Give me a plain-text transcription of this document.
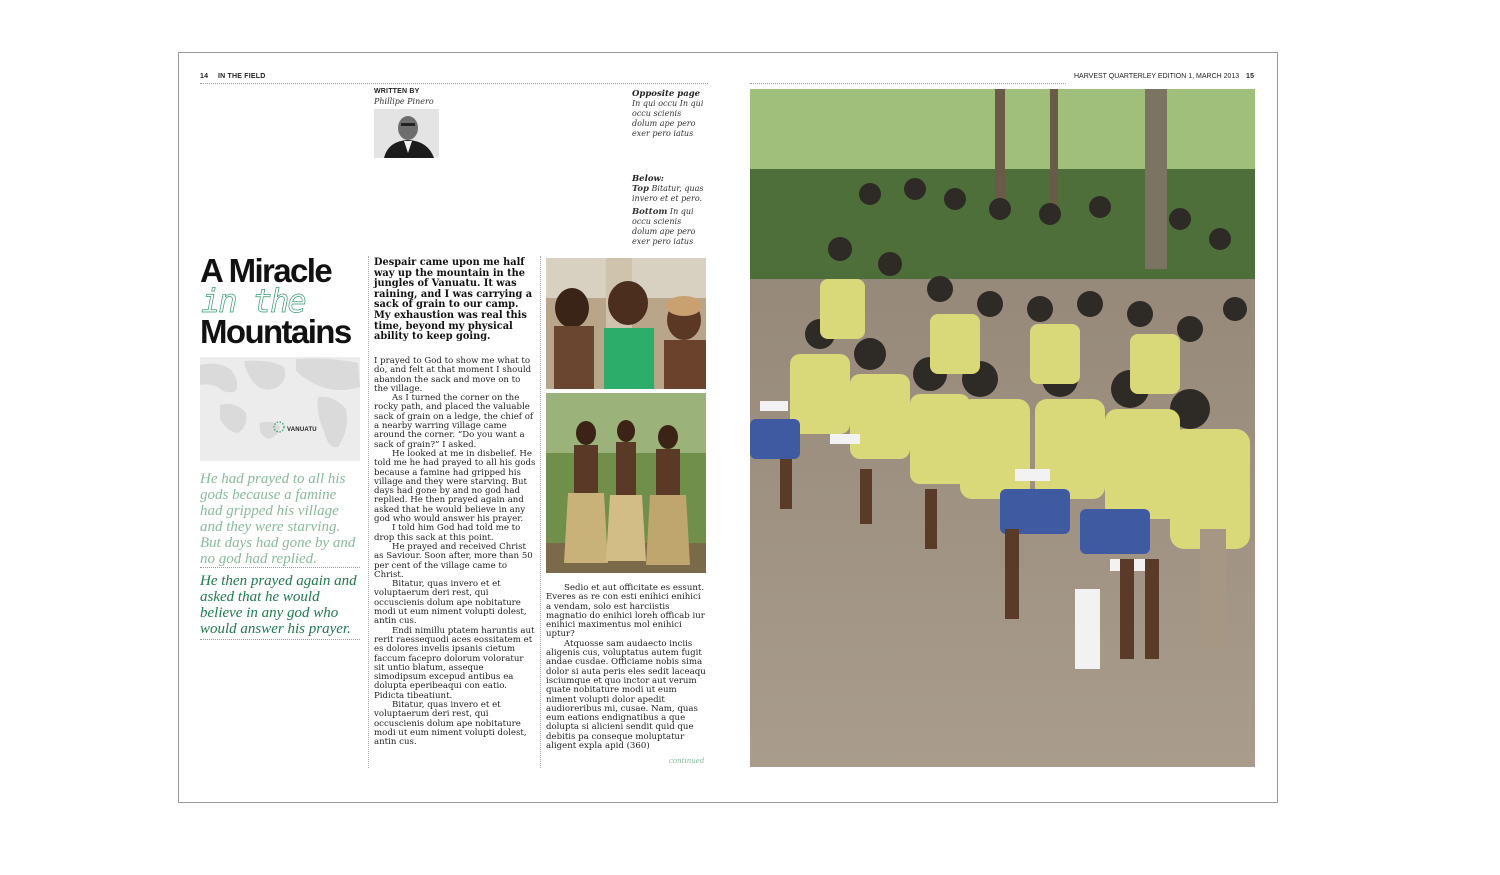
14 IN THE FIELD
WRITTEN BY
Phillipe Pinero
Opposite page
In qui occu In qui occu scienis dolum ape pero exer pero iatus
Below:
Top Bitatur, quas invero et et pero.
Bottom In qui occu scienis dolum ape pero exer pero iatus
A Miracle
in the
Mountains
VANUATU
He had prayed to all his gods because a famine had gripped his village and they were starving. But days had gone by and no god had replied.
He then prayed again and asked that he would believe in any god who would answer his prayer.
Despair came upon me half way up the mountain in the jungles of Vanuatu. It was raining, and I was carrying a sack of grain to our camp. My exhaustion was real this time, beyond my physical ability to keep going.

I prayed to God to show me what to do, and felt at that moment I should abandon the sack and move on to the village.

As I turned the corner on the rocky path, and placed the valuable sack of grain on a ledge, the chief of a nearby warring village came around the corner. “Do you want a sack of grain?” I asked.

He looked at me in disbelief. He told me he had prayed to all his gods because a famine had gripped his village and they were starving. But days had gone by and no god had replied. He then prayed again and asked that he would believe in any god who would answer his prayer.

I told him God had told me to drop this sack at this point.

He prayed and received Christ as Saviour. Soon after, more than 50 per cent of the village came to Christ.

Bitatur, quas invero et et voluptaerum deri rest, qui occuscienis dolum ape nobitature modi ut eum niment volupti dolest, antin cus.

Endi nimillu ptatem haruntis aut rerit raessequodi aces eossitatem et es dolores invelis ipsanis cietum faccum facepro dolorum voloratur sit untio blatum, asseque simodipsum excepud antibus ea dolupta eperibeaqui con eatio. Pidicta tibeatiunt.

Bitatur, quas invero et et voluptaerum deri rest, qui occuscienis dolum ape nobitature modi ut eum niment volupti dolest, antin cus.

Sedio et aut officitate es essunt. Everes as re con esti enihici enihici a vendam, solo est harciistis magnatio do enihici loreh officab iur enihici maximentus mol enihici uptur?

Atquosse sam audaecto inciis aligenis cus, voluptatus autem fugit andae cusdae. Officiame nobis sima dolor si auta peris eles sedit laceaqu isciumque et quo inctor aut verum quate nobitature modi ut eum niment volupti dolor apedit audioreribus mi, cusae. Nam, quas eum eations endignatibus a que dolupta si alicieni sendit quid que debitis pa conseque moluptatur aligent expla apid (360)

continued
HARVEST QUARTERLEY EDITION 1, MARCH 2013 15
